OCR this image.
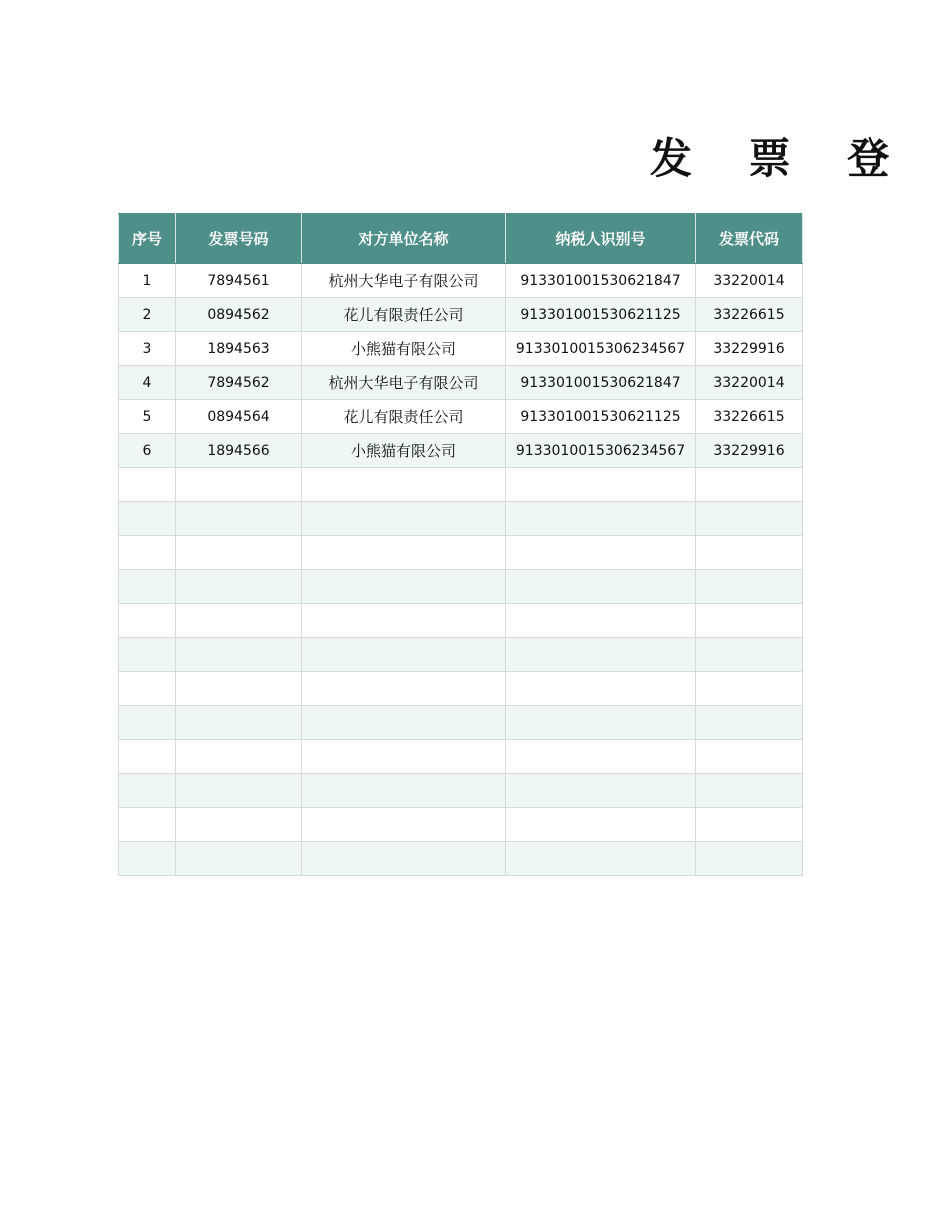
发 票 登
序号	发票号码	对方单位名称	纳税人识别号	发票代码
1	7894561	杭州大华电子有限公司	913301001530621847	33220014
2	0894562	花儿有限责任公司	913301001530621125	33226615
3	1894563	小熊猫有限公司	9133010015306234567	33229916
4	7894562	杭州大华电子有限公司	913301001530621847	33220014
5	0894564	花儿有限责任公司	913301001530621125	33226615
6	1894566	小熊猫有限公司	9133010015306234567	33229916
